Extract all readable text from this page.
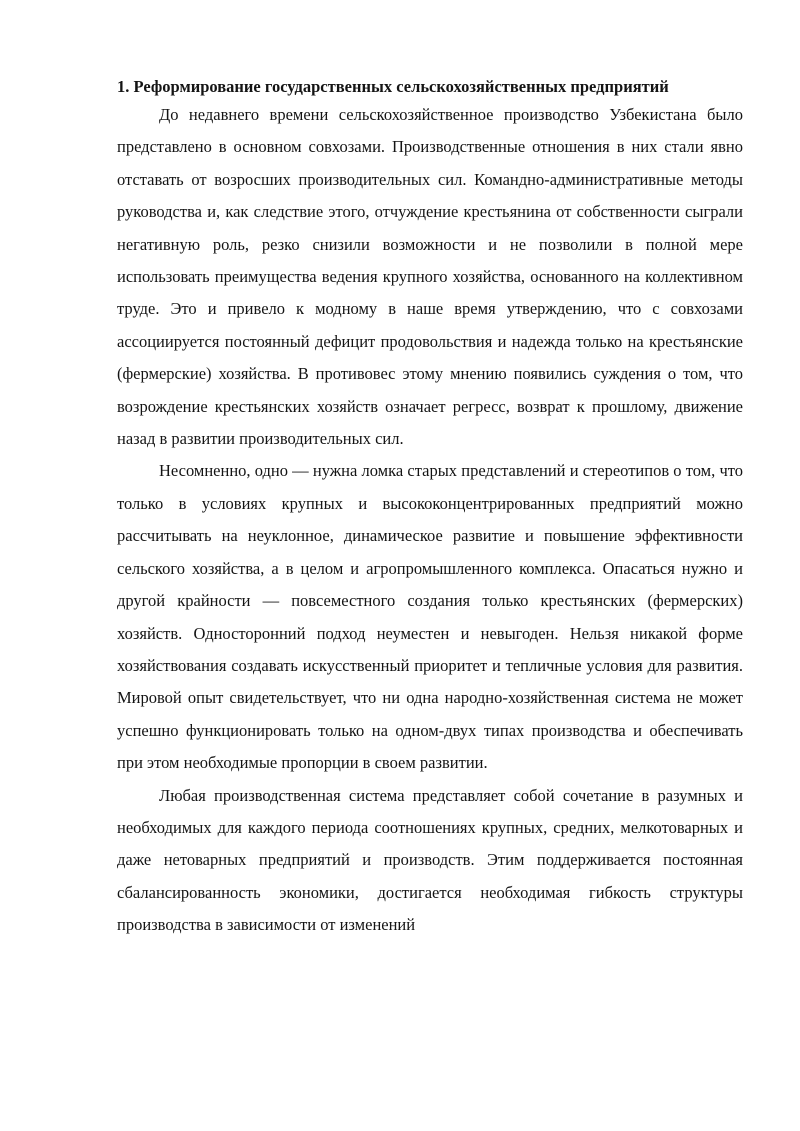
1. Реформирование государственных сельскохозяйственных предприятий

До недавнего времени сельскохозяйственное производство Узбекистана было представлено в основном совхозами. Производственные отношения в них стали явно отставать от возросших производительных сил. Командно-административные методы руководства и, как следствие этого, отчуждение крестьянина от собственности сыграли негативную роль, резко снизили возможности и не позволили в полной мере использовать преимущества ведения крупного хозяйства, основанного на коллективном труде. Это и привело к модному в наше время утверждению, что с совхозами ассоциируется постоянный дефицит продовольствия и надежда только на крестьянские (фермерские) хозяйства. В противовес этому мнению появились суждения о том, что возрождение крестьянских хозяйств означает регресс, возврат к прошлому, движение назад в развитии производительных сил.

Несомненно, одно — нужна ломка старых представлений и стереотипов о том, что только в условиях крупных и высококонцентрированных предприятий можно рассчитывать на неуклонное, динамическое развитие и повышение эффективности сельского хозяйства, а в целом и агропромышленного комплекса. Опасаться нужно и другой крайности — повсеместного создания только крестьянских (фермерских) хозяйств. Односторонний подход неуместен и невыгоден. Нельзя никакой форме хозяйствования создавать искусственный приоритет и тепличные условия для развития. Мировой опыт свидетельствует, что ни одна народно-хозяйственная система не может успешно функционировать только на одном-двух типах производства и обеспечивать при этом необходимые пропорции в своем развитии.

Любая производственная система представляет собой сочетание в разумных и необходимых для каждого периода соотношениях крупных, средних, мелкотоварных и даже нетоварных предприятий и производств. Этим поддерживается постоянная сбалансированность экономики, достигается необходимая гибкость структуры производства в зависимости от изменений
